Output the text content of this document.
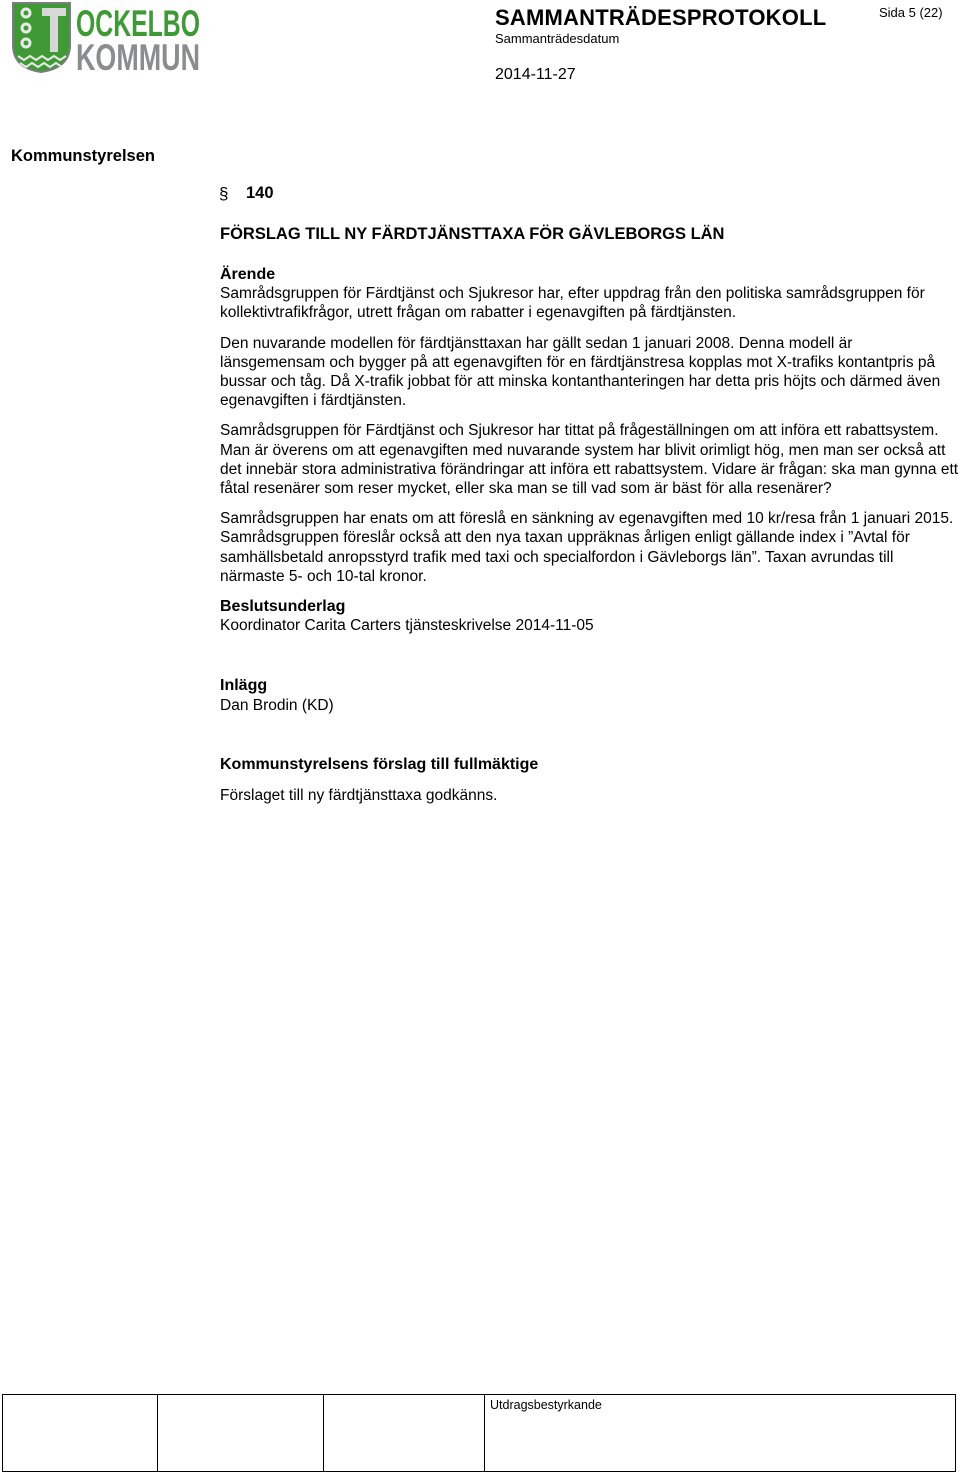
OCKELBO
KOMMUN
SAMMANTRÄDESPROTOKOLL
Sammanträdesdatum
2014-11-27
Sida 5 (22)
Kommunstyrelsen
§ 140
FÖRSLAG TILL NY FÄRDTJÄNSTTAXA FÖR GÄVLEBORGS LÄN

Ärende

Samrådsgruppen för Färdtjänst och Sjukresor har, efter uppdrag från den politiska samrådsgruppen för kollektivtrafikfrågor, utrett frågan om rabatter i egenavgiften på färdtjänsten.

Den nuvarande modellen för färdtjänsttaxan har gällt sedan 1 januari 2008. Denna modell är länsgemensam och bygger på att egenavgiften för en färdtjänstresa kopplas mot X-trafiks kontantpris på bussar och tåg. Då X-trafik jobbat för att minska kontanthanteringen har detta pris höjts och därmed även egenavgiften i färdtjänsten.

Samrådsgruppen för Färdtjänst och Sjukresor har tittat på frågeställningen om att införa ett rabattsystem. Man är överens om att egenavgiften med nuvarande system har blivit orimligt hög, men man ser också att det innebär stora administrativa förändringar att införa ett rabattsystem. Vidare är frågan: ska man gynna ett fåtal resenärer som reser mycket, eller ska man se till vad som är bäst för alla resenärer?

Samrådsgruppen har enats om att föreslå en sänkning av egenavgiften med 10 kr/resa från 1 januari 2015. Samrådsgruppen föreslår också att den nya taxan uppräknas årligen enligt gällande index i ”Avtal för samhällsbetald anropsstyrd trafik med taxi och specialfordon i Gävleborgs län”. Taxan avrundas till närmaste 5- och 10-tal kronor.

Beslutsunderlag

Koordinator Carita Carters tjänsteskrivelse 2014-11-05

Inlägg

Dan Brodin (KD)

Kommunstyrelsens förslag till fullmäktige

Förslaget till ny färdtjänsttaxa godkänns.

Utdragsbestyrkande
